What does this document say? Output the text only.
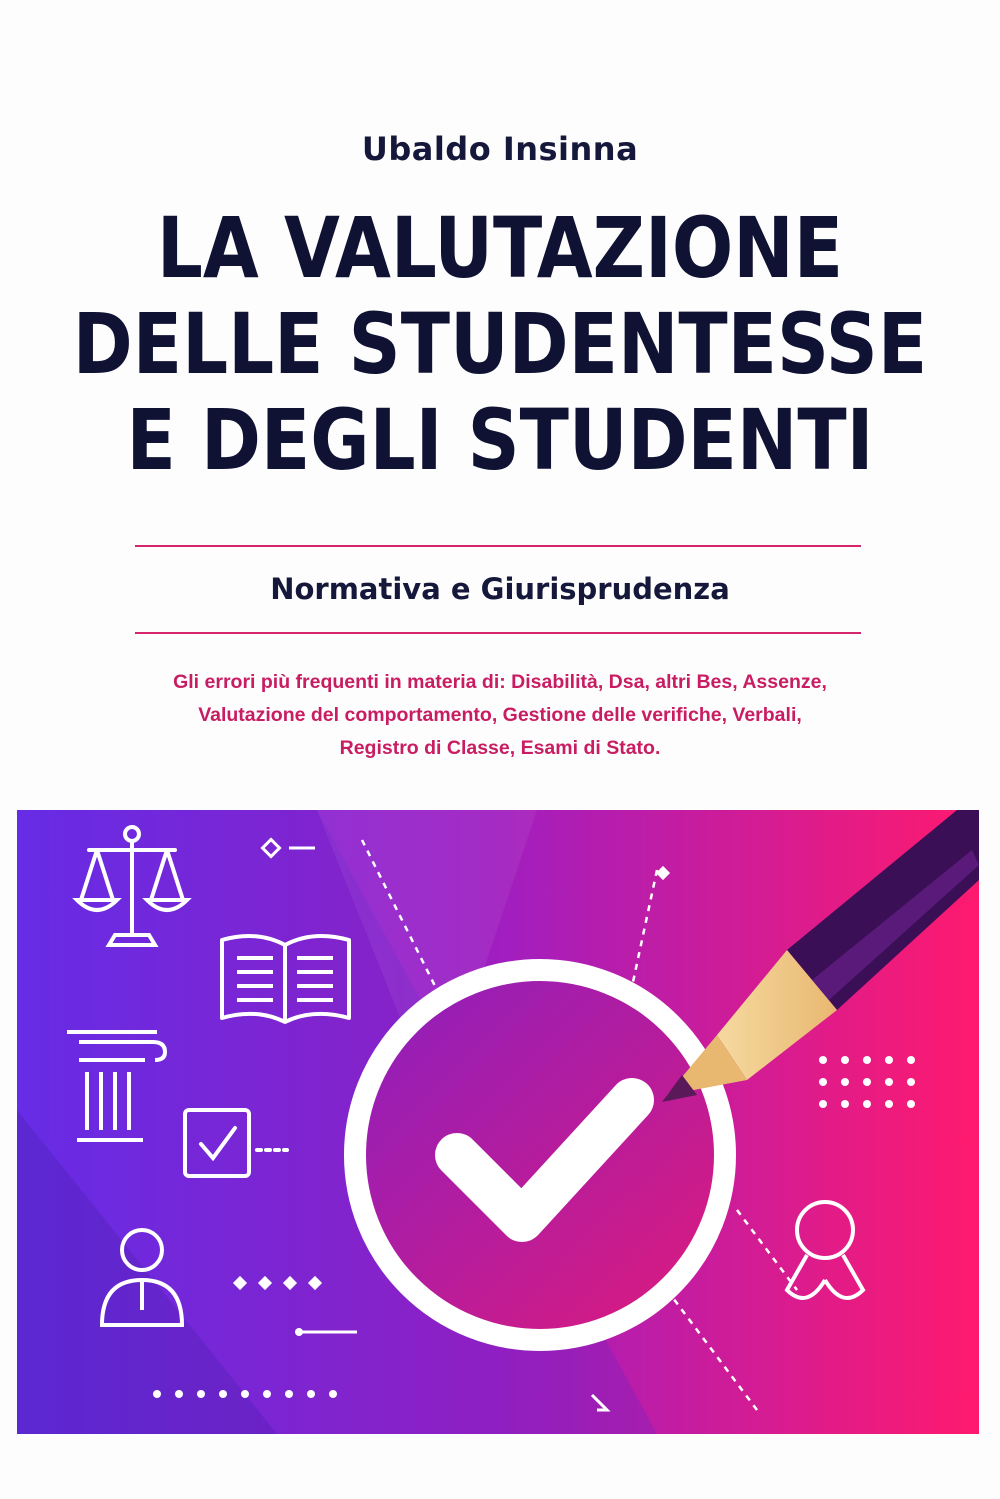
Ubaldo Insinna
LA VALUTAZIONE
DELLE STUDENTESSE
E DEGLI STUDENTI
Normativa e Giurisprudenza
Gli errori più frequenti in materia di: Disabilità, Dsa, altri Bes, Assenze,
Valutazione del comportamento, Gestione delle verifiche, Verbali,
Registro di Classe, Esami di Stato.
